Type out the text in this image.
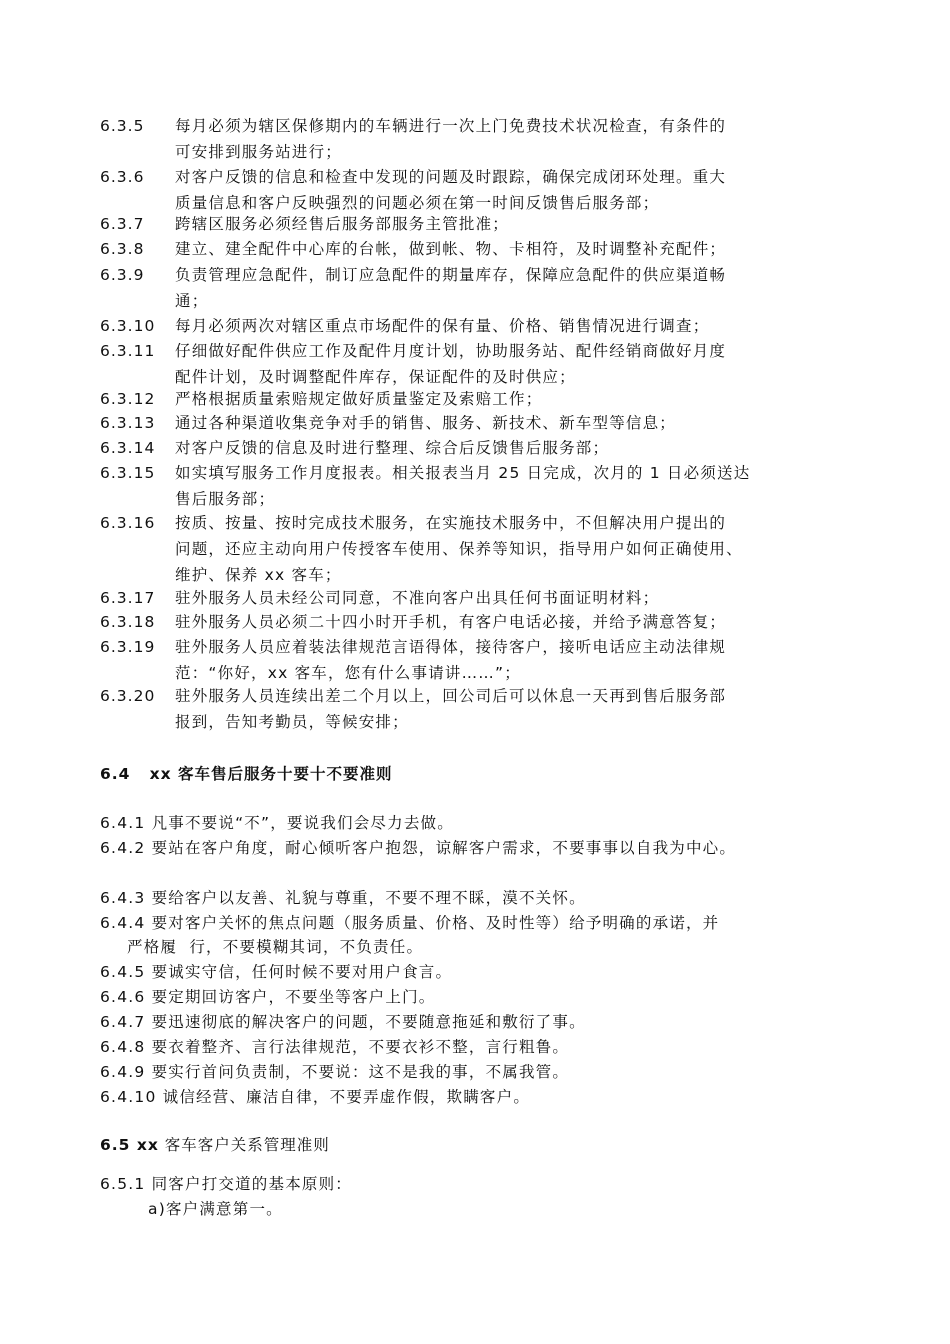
6.3.5 每月必须为辖区保修期内的车辆进行一次上门免费技术状况检查，有条件的
可安排到服务站进行；
6.3.6 对客户反馈的信息和检查中发现的问题及时跟踪，确保完成闭环处理。重大
质量信息和客户反映强烈的问题必须在第一时间反馈售后服务部；
6.3.7 跨辖区服务必须经售后服务部服务主管批准；
6.3.8 建立、建全配件中心库的台帐，做到帐、物、卡相符，及时调整补充配件；
6.3.9 负责管理应急配件，制订应急配件的期量库存，保障应急配件的供应渠道畅
通；
6.3.10 每月必须两次对辖区重点市场配件的保有量、价格、销售情况进行调查；
6.3.11 仔细做好配件供应工作及配件月度计划，协助服务站、配件经销商做好月度
配件计划，及时调整配件库存，保证配件的及时供应；
6.3.12 严格根据质量索赔规定做好质量鉴定及索赔工作；
6.3.13 通过各种渠道收集竞争对手的销售、服务、新技术、新车型等信息；
6.3.14 对客户反馈的信息及时进行整理、综合后反馈售后服务部；
6.3.15 如实填写服务工作月度报表。相关报表当月 25 日完成，次月的 1 日必须送达
售后服务部；
6.3.16 按质、按量、按时完成技术服务，在实施技术服务中，不但解决用户提出的
问题，还应主动向用户传授客车使用、保养等知识，指导用户如何正确使用、
维护、保养 xx 客车；
6.3.17 驻外服务人员未经公司同意，不准向客户出具任何书面证明材料；
6.3.18 驻外服务人员必须二十四小时开手机，有客户电话必接，并给予满意答复；
6.3.19 驻外服务人员应着装法律规范言语得体，接待客户，接听电话应主动法律规
范：“你好，xx 客车，您有什么事请讲……”；
6.3.20 驻外服务人员连续出差二个月以上，回公司后可以休息一天再到售后服务部
报到，告知考勤员，等候安排；
6.4   xx 客车售后服务十要十不要准则
6.4.1 凡事不要说“不”，要说我们会尽力去做。
6.4.2 要站在客户角度，耐心倾听客户抱怨，谅解客户需求，不要事事以自我为中心。
6.4.3 要给客户以友善、礼貌与尊重，不要不理不睬，漠不关怀。
6.4.4 要对客户关怀的焦点问题（服务质量、价格、及时性等）给予明确的承诺，并
严格履  行，不要模糊其词，不负责任。
6.4.5 要诚实守信，任何时候不要对用户食言。
6.4.6 要定期回访客户，不要坐等客户上门。
6.4.7 要迅速彻底的解决客户的问题，不要随意拖延和敷衍了事。
6.4.8 要衣着整齐、言行法律规范，不要衣衫不整，言行粗鲁。
6.4.9 要实行首问负责制，不要说：这不是我的事，不属我管。
6.4.10 诚信经营、廉洁自律，不要弄虚作假，欺瞒客户。
6.5 xx 客车客户关系管理准则
6.5.1 同客户打交道的基本原则：
a)客户满意第一。
